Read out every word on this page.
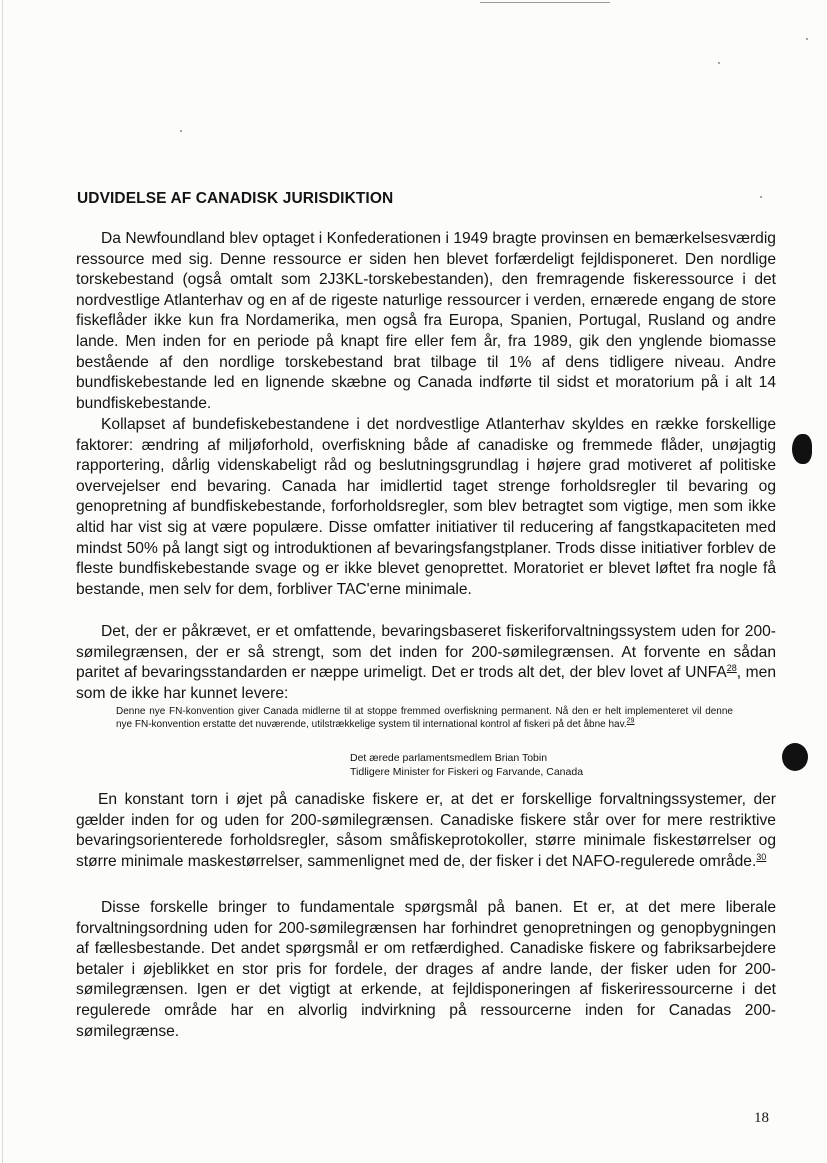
UDVIDELSE AF CANADISK JURISDIKTION

Da Newfoundland blev optaget i Konfederationen i 1949 bragte provinsen en bemærkelsesværdig ressource med sig. Denne ressource er siden hen blevet forfærdeligt fejldisponeret. Den nordlige torskebestand (også omtalt som 2J3KL-torskebestanden), den fremragende fiskeressource i det nordvestlige Atlanterhav og en af de rigeste naturlige ressourcer i verden, ernærede engang de store fiskeflåder ikke kun fra Nordamerika, men også fra Europa, Spanien, Portugal, Rusland og andre lande. Men inden for en periode på knapt fire eller fem år, fra 1989, gik den ynglende biomasse bestående af den nordlige torskebestand brat tilbage til 1% af dens tidligere niveau. Andre bundfiskebestande led en lignende skæbne og Canada indførte til sidst et moratorium på i alt 14 bundfiskebestande.

Kollapset af bundefiskebestandene i det nordvestlige Atlanterhav skyldes en række forskellige faktorer: ændring af miljøforhold, overfiskning både af canadiske og fremmede flåder, unøjagtig rapportering, dårlig videnskabeligt råd og beslutningsgrundlag i højere grad motiveret af politiske overvejelser end bevaring. Canada har imidlertid taget strenge forholdsregler til bevaring og genopretning af bundfiskebestande, forforholdsregler, som blev betragtet som vigtige, men som ikke altid har vist sig at være populære. Disse omfatter initiativer til reducering af fangstkapaciteten med mindst 50% på langt sigt og introduktionen af bevaringsfangstplaner. Trods disse initiativer forblev de fleste bundfiskebestande svage og er ikke blevet genoprettet. Moratoriet er blevet løftet fra nogle få bestande, men selv for dem, forbliver TAC'erne minimale.

Det, der er påkrævet, er et omfattende, bevaringsbaseret fiskeriforvaltningssystem uden for 200-sømilegrænsen, der er så strengt, som det inden for 200-sømilegrænsen. At forvente en sådan paritet af bevaringsstandarden er næppe urimeligt. Det er trods alt det, der blev lovet af UNFA$^{28}$, men som de ikke har kunnet levere:

Denne nye FN-konvention giver Canada midlerne til at stoppe fremmed overfiskning permanent. Nå den er helt implementeret vil denne nye FN-konvention erstatte det nuværende, utilstrækkelige system til international kontrol af fiskeri på det åbne hav.$^{29}$

Det ærede parlamentsmedlem Brian Tobin
Tidligere Minister for Fiskeri og Farvande, Canada

En konstant torn i øjet på canadiske fiskere er, at det er forskellige forvaltningssystemer, der gælder inden for og uden for 200-sømilegrænsen. Canadiske fiskere står over for mere restriktive bevaringsorienterede forholdsregler, såsom småfiskeprotokoller, større minimale fiskestørrelser og større minimale maskestørrelser, sammenlignet med de, der fisker i det NAFO-regulerede område.$^{30}$

Disse forskelle bringer to fundamentale spørgsmål på banen. Et er, at det mere liberale forvaltningsordning uden for 200-sømilegrænsen har forhindret genopretningen og genopbygningen af fællesbestande. Det andet spørgsmål er om retfærdighed. Canadiske fiskere og fabriksarbejdere betaler i øjeblikket en stor pris for fordele, der drages af andre lande, der fisker uden for 200-sømilegrænsen. Igen er det vigtigt at erkende, at fejldisponeringen af fiskeriressourcerne i det regulerede område har en alvorlig indvirkning på ressourcerne inden for Canadas 200-sømilegrænse.

18
